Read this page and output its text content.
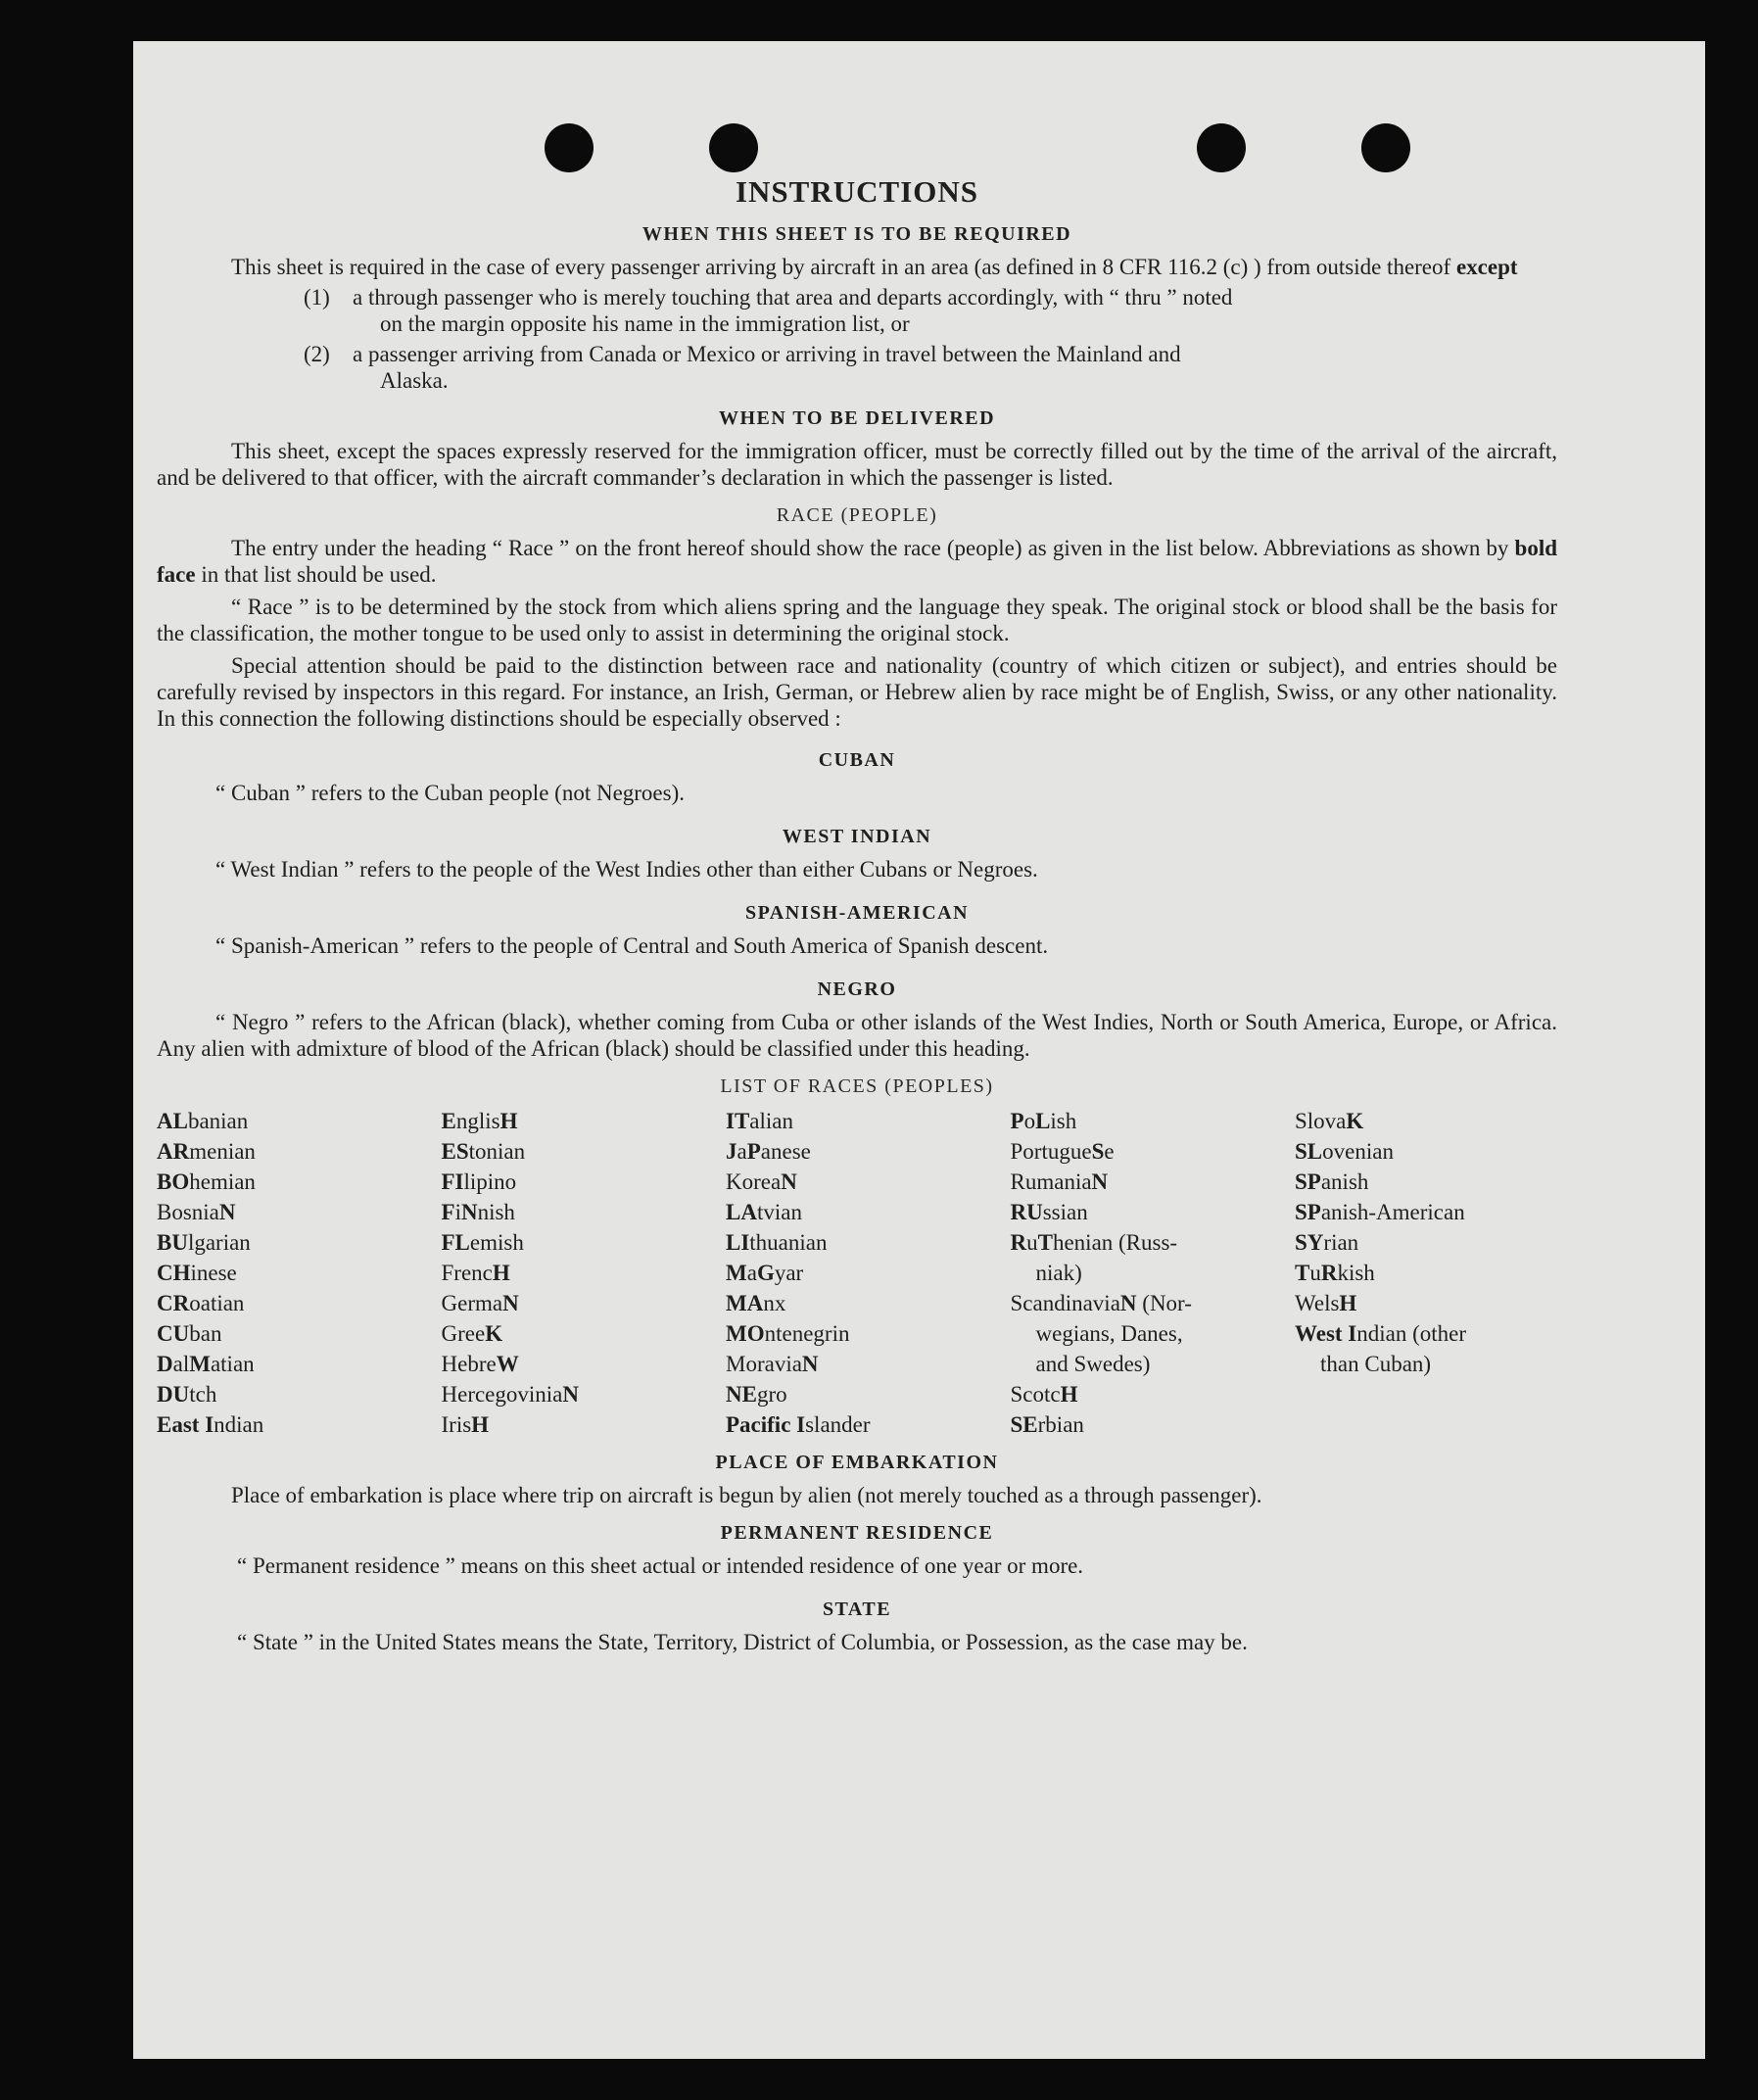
INSTRUCTIONS
WHEN THIS SHEET IS TO BE REQUIRED

This sheet is required in the case of every passenger arriving by aircraft in an area (as defined in 8 CFR 116.2 (c) ) from outside thereof except

(1)	a through passenger who is merely touching that area and departs accordingly, with “ thru ” noted
on the margin opposite his name in the immigration list, or
(2)	a passenger arriving from Canada or Mexico or arriving in travel between the Mainland and
Alaska.
WHEN TO BE DELIVERED

This sheet, except the spaces expressly reserved for the immigration officer, must be correctly filled out by the time of the arrival of the aircraft, and be delivered to that officer, with the aircraft commander’s declaration in which the passenger is listed.

RACE (PEOPLE)

The entry under the heading “ Race ” on the front hereof should show the race (people) as given in the list below. Abbreviations as shown by bold face in that list should be used.

“ Race ” is to be determined by the stock from which aliens spring and the language they speak. The original stock or blood shall be the basis for the classification, the mother tongue to be used only to assist in determining the original stock.

Special attention should be paid to the distinction between race and nationality (country of which citizen or subject), and entries should be carefully revised by inspectors in this regard. For instance, an Irish, German, or Hebrew alien by race might be of English, Swiss, or any other nationality. In this connection the following distinctions should be especially observed :

CUBAN

“ Cuban ” refers to the Cuban people (not Negroes).

WEST INDIAN

“ West Indian ” refers to the people of the West Indies other than either Cubans or Negroes.

SPANISH-AMERICAN

“ Spanish-American ” refers to the people of Central and South America of Spanish descent.

NEGRO

“ Negro ” refers to the African (black), whether coming from Cuba or other islands of the West Indies, North or South America, Europe, or Africa. Any alien with admixture of blood of the African (black) should be classified under this heading.

LIST OF RACES (PEOPLES)
ALbanian
ARmenian
BOhemian
BosniaN
BUlgarian
CHinese
CRoatian
CUban
DalMatian
DUtch
East Indian
EnglisH
EStonian
FIlipino
FiNnish
FLemish
FrencH
GermaN
GreeK
HebreW
HercegoviniaN
IrisH
ITalian
JaPanese
KoreaN
LAtvian
LIthuanian
MaGyar
MAnx
MOntenegrin
MoraviaN
NEgro
Pacific Islander
PoLish
PortugueSe
RumaniaN
RUssian
RuThenian (Russ-
niak)
ScandinaviaN (Nor-
wegians, Danes,
and Swedes)
ScotcH
SErbian
SlovaK
SLovenian
SPanish
SPanish-American
SYrian
TuRkish
WelsH
West Indian (other
than Cuban)
PLACE OF EMBARKATION

Place of embarkation is place where trip on aircraft is begun by alien (not merely touched as a through passenger).

PERMANENT RESIDENCE

“ Permanent residence ” means on this sheet actual or intended residence of one year or more.

STATE

“ State ” in the United States means the State, Territory, District of Columbia, or Possession, as the case may be.
